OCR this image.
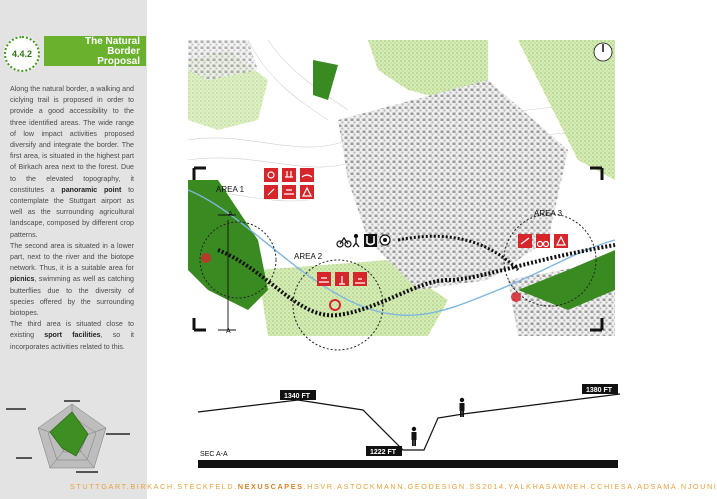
4.4.2
The Natural
Border
Proposal

Along the natural border, a walking and ciclying trail is proposed in order to provide a good accessibility to the three identified areas. The wide range of low impact activities proposed diversify and integrate the border. The first area, is situated in the highest part of Birkach area next to the forest. Due to the elevated topography, it constitutes a panoramic point to contemplate the Stuttgart airport as well as the surrounding agricultural landscape, composed by different crop patterns.

The second area is situated in a lower part, next to the river and the biotope network. Thus, it is a suitable area for picnics, swimming as well as catching butterflies due to the diversity of species offered by the surrounding biotopes.

The third area is situated close to existing sport facilities, so it incorporates activities related to this.

AREA 1
AREA 2
AREA 3
A
A
1340 FT
1380 FT
1222 FT
SEC A-A
STUTTGART.BIRKACH.STECKFELD.NEXUSCAPES.HSVR.ASTOCKMANN.GEODESIGN.SS2014.YALKHASAWNEH.CCHIESA.ADSAMA.NJOUNI
